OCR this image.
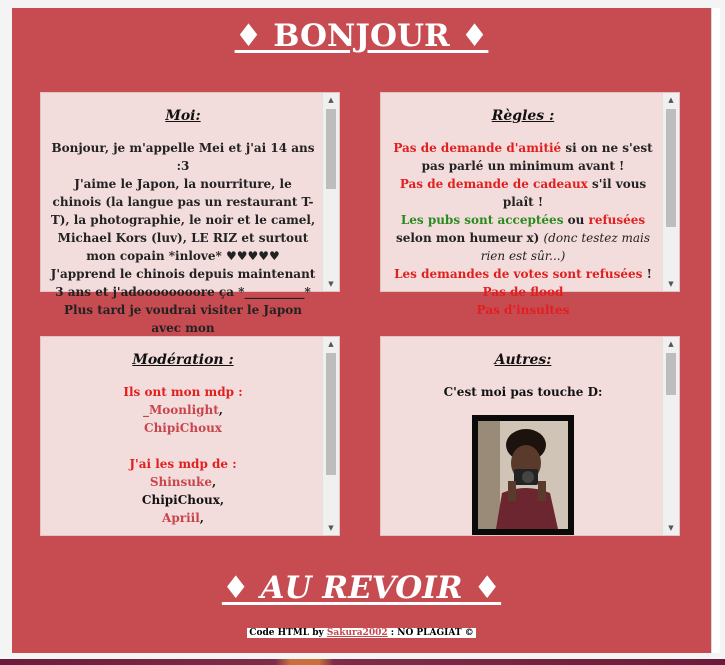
♦ BONJOUR ♦
Moi:
Bonjour, je m'appelle Mei et j'ai 14 ans :3
J'aime le Japon, la nourriture, le chinois (la langue pas un restaurant T-T), la photographie, le noir et le camel, Michael Kors (luv), LE RIZ et surtout mon copain *inlove* ♥♥♥♥♥
J'apprend le chinois depuis maintenant 3 ans et j'adoooooooore ça *__________*
Plus tard je voudrai visiter le Japon avec mon
▲
▼
Règles :
Pas de demande d'amitié si on ne s'est pas parlé un minimum avant !
Pas de demande de cadeaux s'il vous plaît !
Les pubs sont acceptées ou refusées selon mon humeur x) (donc testez mais rien est sûr...)
Les demandes de votes sont refusées !
Pas de flood
Pas d'insultes
▲
▼
Modération :
Ils ont mon mdp :
_Moonlight,
ChipiChoux
J'ai les mdp de :
Shinsuke,
ChipiChoux,
Apriil,
▲
▼
Autres:
C'est moi pas touche D:
▲
▼
♦ AU REVOIR ♦
Code HTML by Sakura2002 : NO PLAGIAT ©
